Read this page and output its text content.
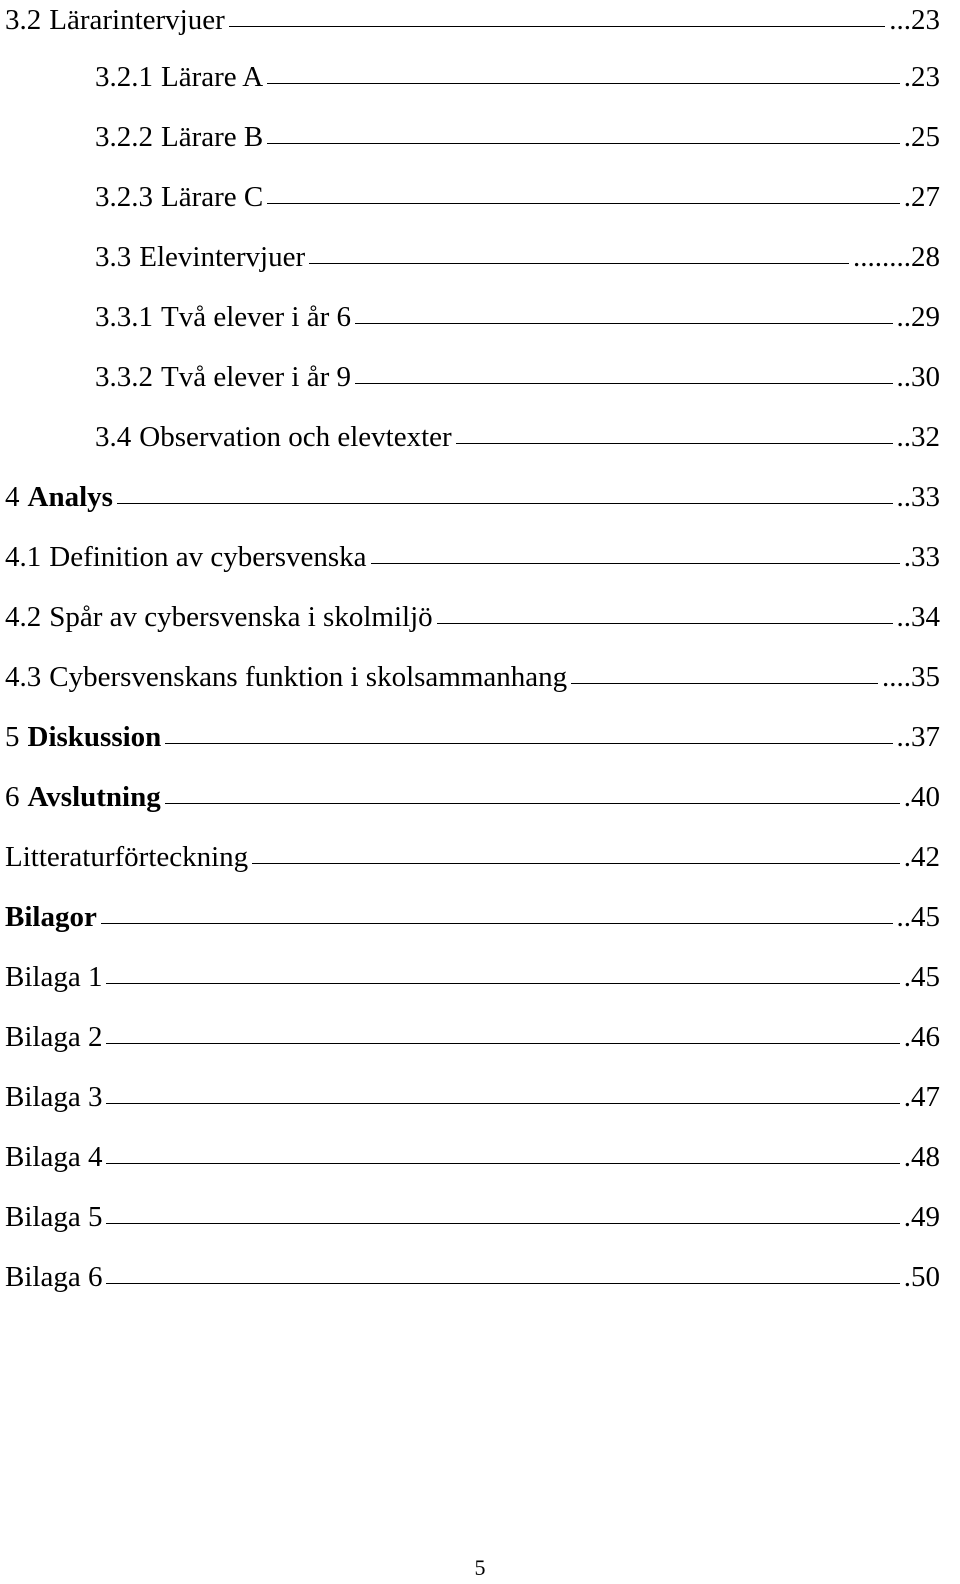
3.2 Lärarintervjuer	...23
3.2.1 Lärare A	.23
3.2.2 Lärare B	.25
3.2.3 Lärare C	.27
3.3 Elevintervjuer	........28
3.3.1 Två elever i år 6	..29
3.3.2 Två elever i år 9	..30
3.4 Observation och elevtexter	..32
4 Analys	..33
4.1 Definition av cybersvenska	.33
4.2 Spår av cybersvenska i skolmiljö	..34
4.3 Cybersvenskans funktion i skolsammanhang	....35
5 Diskussion	..37
6 Avslutning	.40
Litteraturförteckning	.42
Bilagor	..45
Bilaga 1	.45
Bilaga 2	.46
Bilaga 3	.47
Bilaga 4	.48
Bilaga 5	.49
Bilaga 6	.50
5
